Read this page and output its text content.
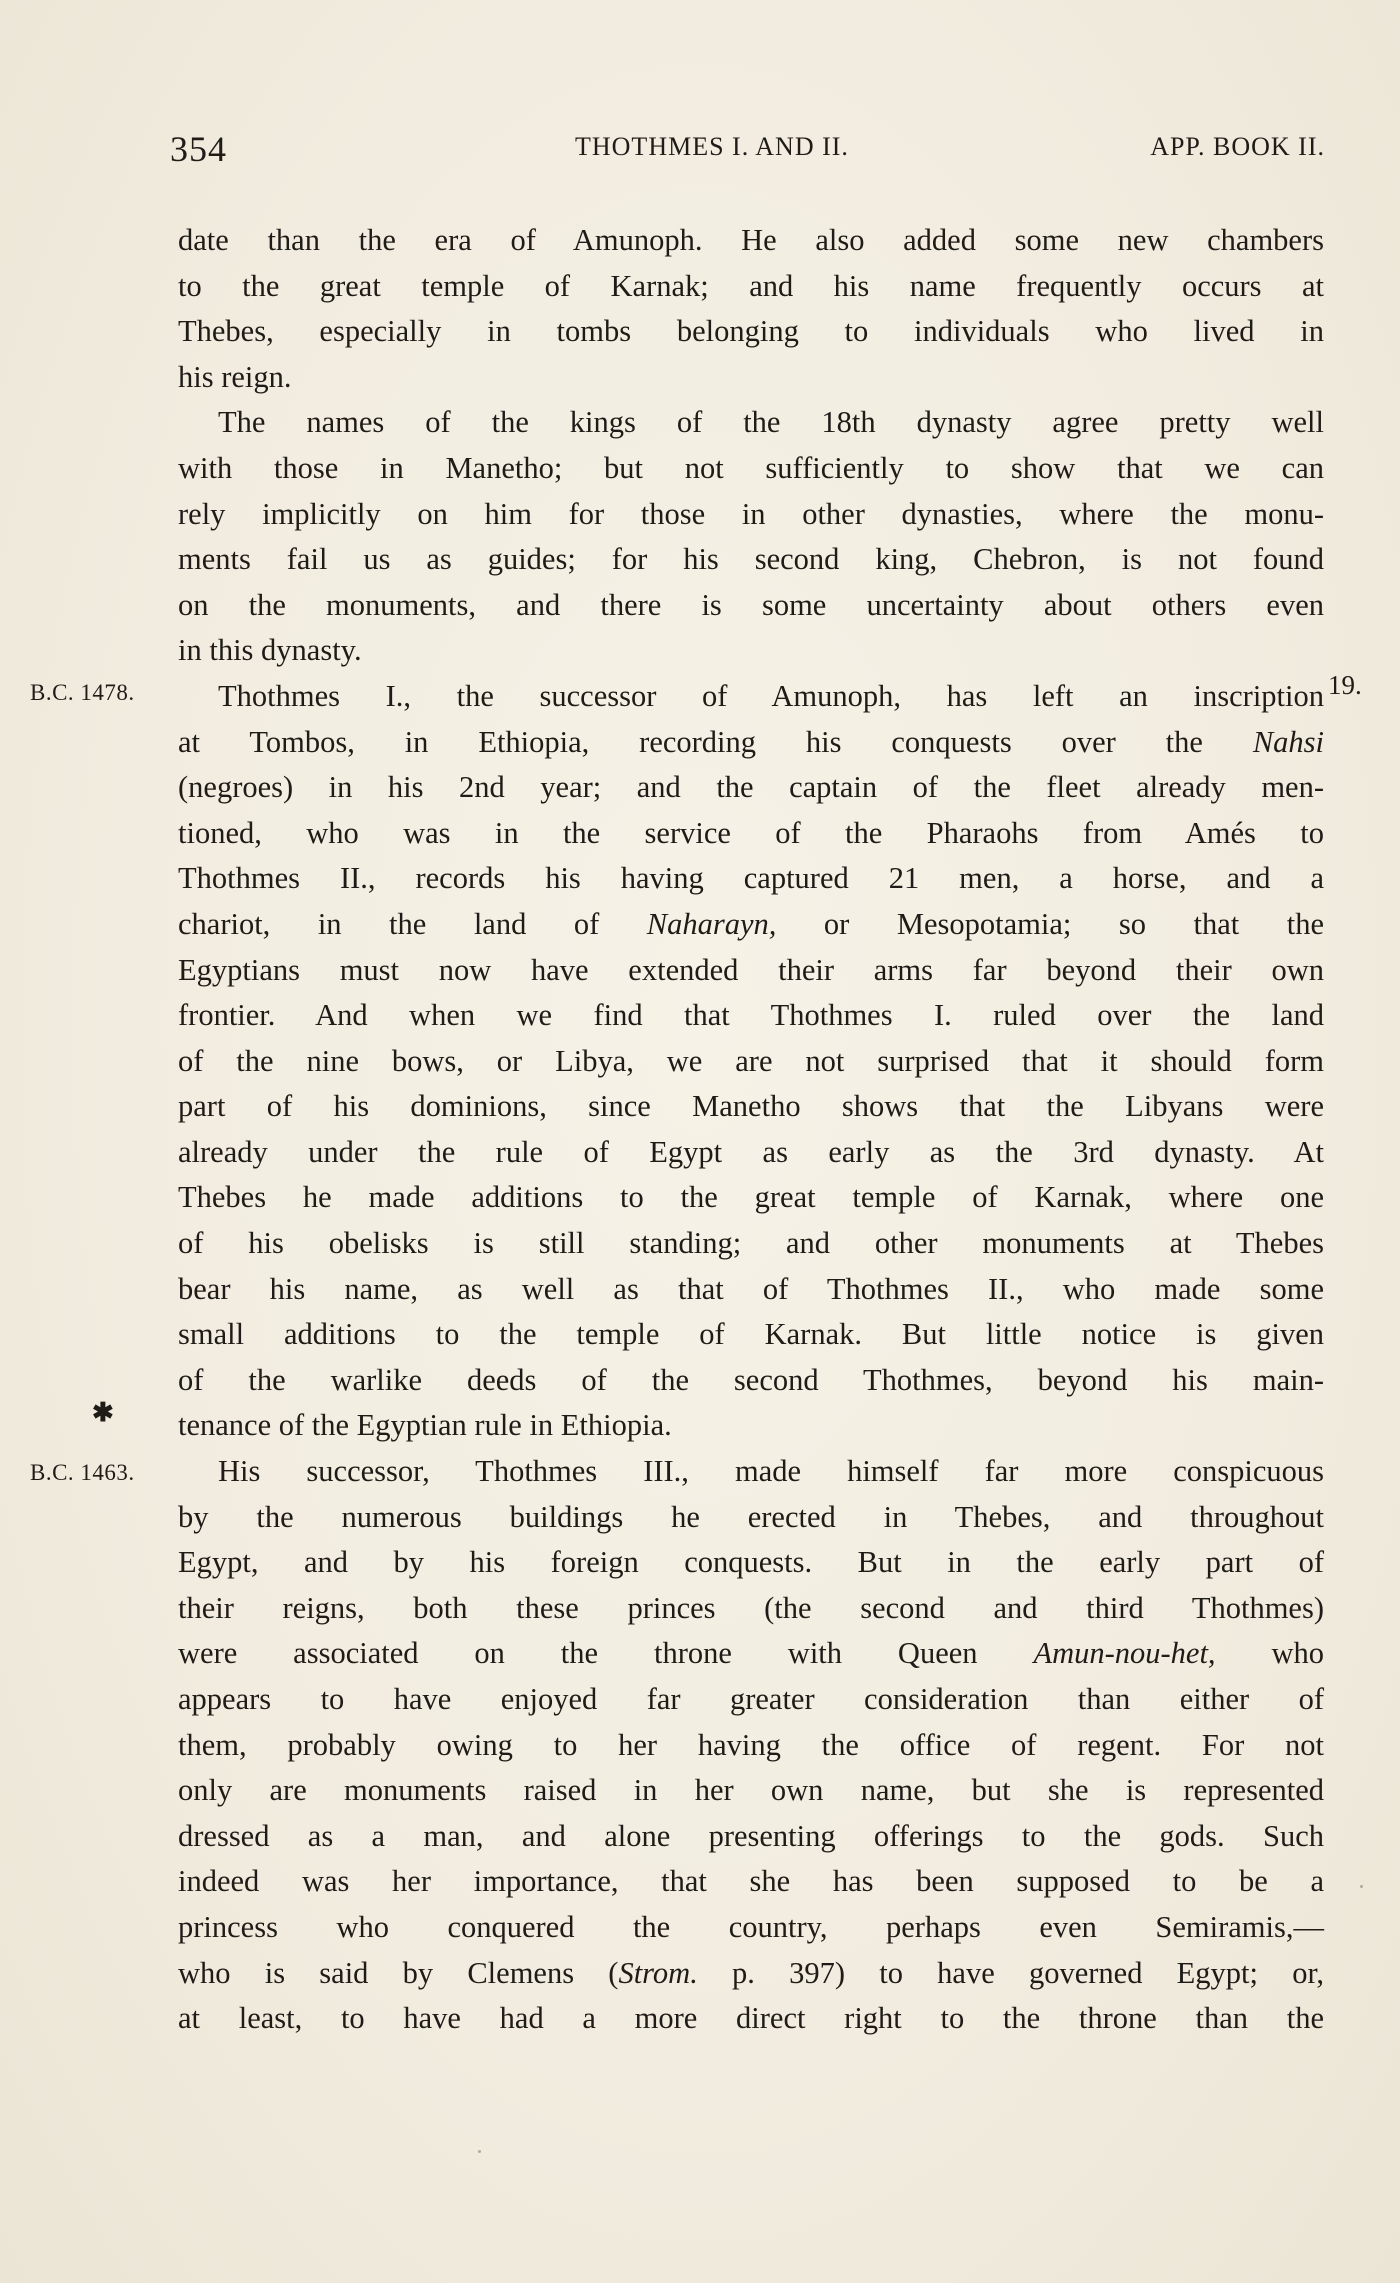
354	THOTHMES I. AND II.	APP. BOOK II.
B.C. 1478.
B.C. 1463.
19.
✱
date than the era of Amunoph. He also added some new chambers
to the great temple of Karnak; and his name frequently occurs at
Thebes, especially in tombs belonging to individuals who lived in
his reign.
The names of the kings of the 18th dynasty agree pretty well
with those in Manetho; but not sufficiently to show that we can
rely implicitly on him for those in other dynasties, where the monu-
ments fail us as guides; for his second king, Chebron, is not found
on the monuments, and there is some uncertainty about others even
in this dynasty.
Thothmes I., the successor of Amunoph, has left an inscription
at Tombos, in Ethiopia, recording his conquests over the Nahsi
(negroes) in his 2nd year; and the captain of the fleet already men-
tioned, who was in the service of the Pharaohs from Amés to
Thothmes II., records his having captured 21 men, a horse, and a
chariot, in the land of Naharayn, or Mesopotamia; so that the
Egyptians must now have extended their arms far beyond their own
frontier. And when we find that Thothmes I. ruled over the land
of the nine bows, or Libya, we are not surprised that it should form
part of his dominions, since Manetho shows that the Libyans were
already under the rule of Egypt as early as the 3rd dynasty. At
Thebes he made additions to the great temple of Karnak, where one
of his obelisks is still standing; and other monuments at Thebes
bear his name, as well as that of Thothmes II., who made some
small additions to the temple of Karnak. But little notice is given
of the warlike deeds of the second Thothmes, beyond his main-
tenance of the Egyptian rule in Ethiopia.
His successor, Thothmes III., made himself far more conspicuous
by the numerous buildings he erected in Thebes, and throughout
Egypt, and by his foreign conquests. But in the early part of
their reigns, both these princes (the second and third Thothmes)
were associated on the throne with Queen Amun-nou-het, who
appears to have enjoyed far greater consideration than either of
them, probably owing to her having the office of regent. For not
only are monuments raised in her own name, but she is represented
dressed as a man, and alone presenting offerings to the gods. Such
indeed was her importance, that she has been supposed to be a
princess who conquered the country, perhaps even Semiramis,—
who is said by Clemens (Strom. p. 397) to have governed Egypt; or,
at least, to have had a more direct right to the throne than the
